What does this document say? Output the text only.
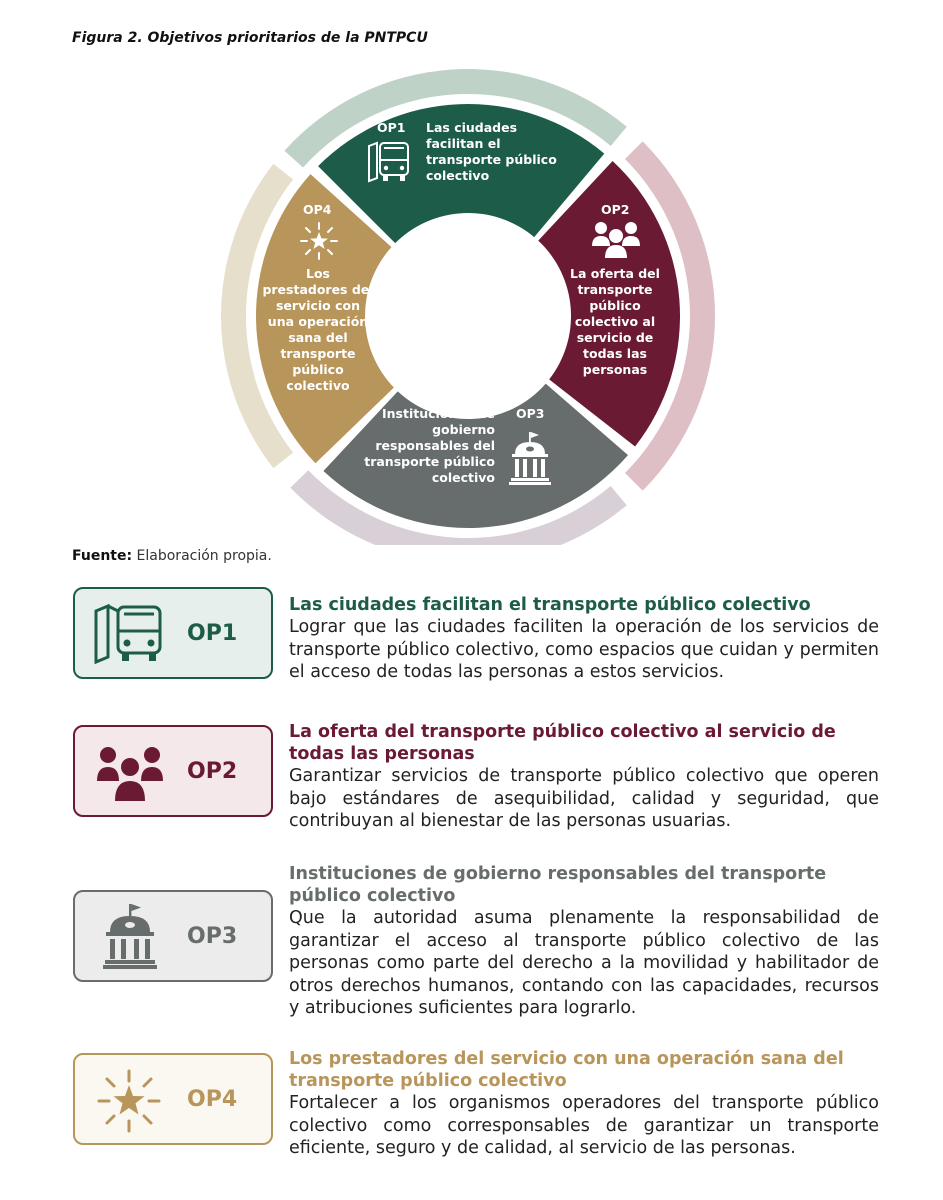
Figura 2. Objetivos prioritarios de la PNTPCU

OP1 Las ciudades facilitan el transporte público colectivo

OP2

La oferta del transporte público colectivo al servicio de todas las personas

Instituciones de gobierno responsables del transporte público colectivo

OP3

OP4

Los prestadores del servicio con una operación sana del transporte público colectivo

Fuente: Elaboración propia.

OP1

Las ciudades facilitan el transporte público colectivo

Lograr que las ciudades faciliten la operación de los servicios de transporte público colectivo, como espacios que cuidan y permiten el acceso de todas las personas a estos servicios.

OP2

La oferta del transporte público colectivo al servicio de todas las personas

Garantizar servicios de transporte público colectivo que operen bajo estándares de asequibilidad, calidad y seguridad, que contribuyan al bienestar de las personas usuarias.

OP3

Instituciones de gobierno responsables del transporte público colectivo

Que la autoridad asuma plenamente la responsabilidad de garantizar el acceso al transporte público colectivo de las personas como parte del derecho a la movilidad y habilitador de otros derechos humanos, contando con las capacidades, recursos y atribuciones suficientes para lograrlo.

OP4

Los prestadores del servicio con una operación sana del transporte público colectivo

Fortalecer a los organismos operadores del transporte público colectivo como corresponsables de garantizar un transporte eficiente, seguro y de calidad, al servicio de las personas.
